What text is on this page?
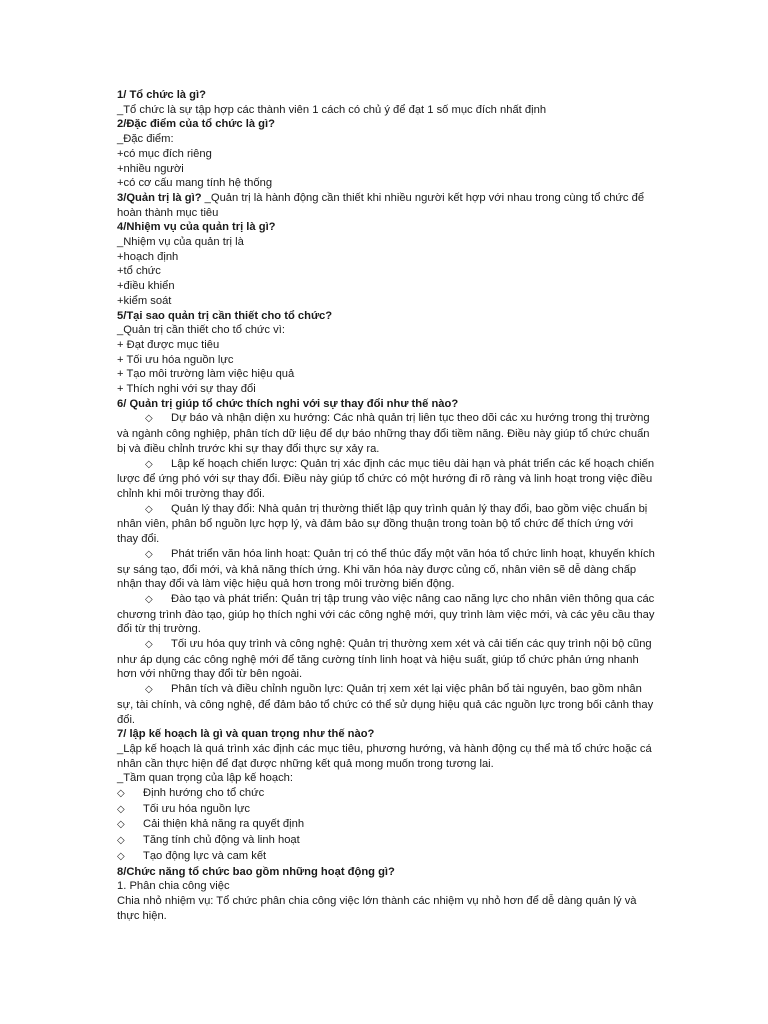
1/ Tổ chức là gì?

_Tổ chức là sự tập hợp các thành viên 1 cách có chủ ý để đạt 1 số mục đích nhất định

2/Đặc điểm của tổ chức là gì?

_Đặc điểm:

+có mục đích riêng

+nhiều người

+có cơ cấu mang tính hệ thống

3/Quản trị là gì? _Quản trị là hành động cần thiết khi nhiều người kết hợp với nhau trong cùng tổ chức để hoàn thành mục tiêu

4/Nhiệm vụ của quản trị là gì?

_Nhiệm vụ của quản trị là

+hoạch định

+tổ chức

+điều khiển

+kiểm soát

5/Tại sao quản trị cần thiết cho tổ chức?

_Quản trị cần thiết cho tổ chức vì:

+ Đạt được mục tiêu

+ Tối ưu hóa nguồn lực

+ Tạo môi trường làm việc hiệu quả

+ Thích nghi với sự thay đổi

6/ Quản trị giúp tổ chức thích nghi với sự thay đổi như thế nào?

◇ Dự báo và nhận diện xu hướng: Các nhà quản trị liên tục theo dõi các xu hướng trong thị trường và ngành công nghiệp, phân tích dữ liệu để dự báo những thay đổi tiềm năng. Điều này giúp tổ chức chuẩn bị và điều chỉnh trước khi sự thay đổi thực sự xảy ra.

◇ Lập kế hoạch chiến lược: Quản trị xác định các mục tiêu dài hạn và phát triển các kế hoạch chiến lược để ứng phó với sự thay đổi. Điều này giúp tổ chức có một hướng đi rõ ràng và linh hoạt trong việc điều chỉnh khi môi trường thay đổi.

◇ Quản lý thay đổi: Nhà quản trị thường thiết lập quy trình quản lý thay đổi, bao gồm việc chuẩn bị nhân viên, phân bổ nguồn lực hợp lý, và đảm bảo sự đồng thuận trong toàn bộ tổ chức để thích ứng với thay đổi.

◇ Phát triển văn hóa linh hoạt: Quản trị có thể thúc đẩy một văn hóa tổ chức linh hoạt, khuyến khích sự sáng tạo, đổi mới, và khả năng thích ứng. Khi văn hóa này được củng cố, nhân viên sẽ dễ dàng chấp nhận thay đổi và làm việc hiệu quả hơn trong môi trường biến động.

◇ Đào tạo và phát triển: Quản trị tập trung vào việc nâng cao năng lực cho nhân viên thông qua các chương trình đào tạo, giúp họ thích nghi với các công nghệ mới, quy trình làm việc mới, và các yêu cầu thay đổi từ thị trường.

◇ Tối ưu hóa quy trình và công nghệ: Quản trị thường xem xét và cải tiến các quy trình nội bộ cũng như áp dụng các công nghệ mới để tăng cường tính linh hoạt và hiệu suất, giúp tổ chức phản ứng nhanh hơn với những thay đổi từ bên ngoài.

◇ Phân tích và điều chỉnh nguồn lực: Quản trị xem xét lại việc phân bổ tài nguyên, bao gồm nhân sự, tài chính, và công nghệ, để đảm bảo tổ chức có thể sử dụng hiệu quả các nguồn lực trong bối cảnh thay đổi.

7/ lập kế hoạch là gì và quan trọng như thế nào?

_Lập kế hoạch là quá trình xác định các mục tiêu, phương hướng, và hành động cụ thể mà tổ chức hoặc cá nhân cần thực hiện để đạt được những kết quả mong muốn trong tương lai.

_Tầm quan trọng của lập kế hoạch:

◇ Định hướng cho tổ chức

◇ Tối ưu hóa nguồn lực

◇ Cải thiện khả năng ra quyết định

◇ Tăng tính chủ động và linh hoạt

◇ Tạo động lực và cam kết

8/Chức năng tổ chức bao gồm những hoạt động gì?

1. Phân chia công việc

Chia nhỏ nhiệm vụ: Tổ chức phân chia công việc lớn thành các nhiệm vụ nhỏ hơn để dễ dàng quản lý và thực hiện.
